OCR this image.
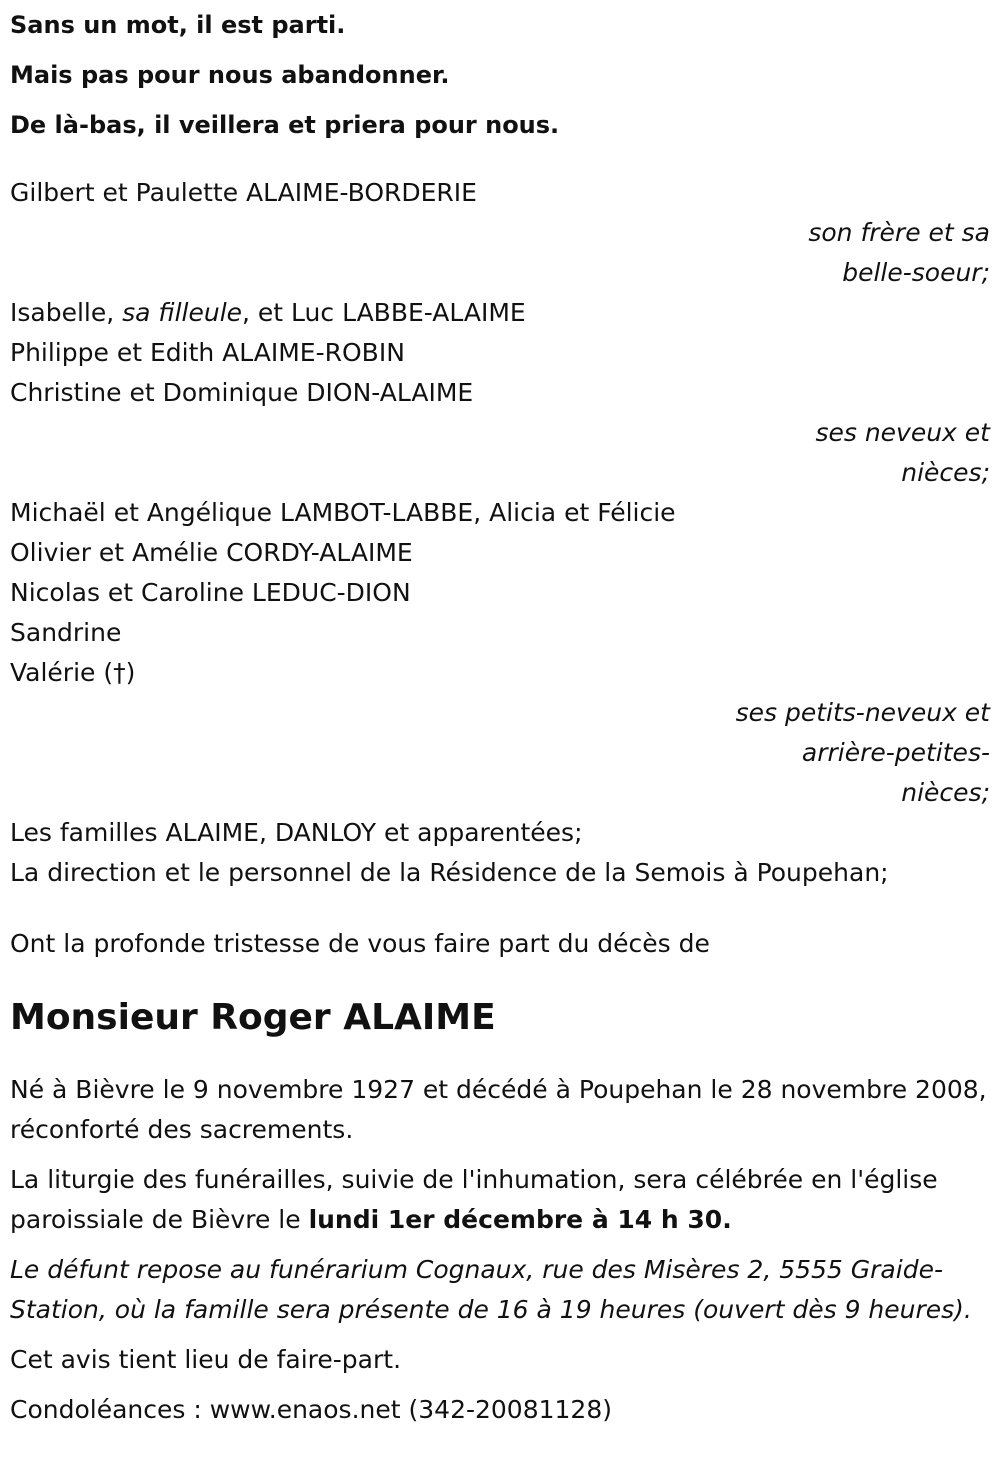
Sans un mot, il est parti.
Mais pas pour nous abandonner.
De là-bas, il veillera et priera pour nous.
Gilbert et Paulette ALAIME-BORDERIE
son frère et sa
belle-soeur;
Isabelle, sa filleule, et Luc LABBE-ALAIME
Philippe et Edith ALAIME-ROBIN
Christine et Dominique DION-ALAIME
ses neveux et
nièces;
Michaël et Angélique LAMBOT-LABBE, Alicia et Félicie
Olivier et Amélie CORDY-ALAIME
Nicolas et Caroline LEDUC-DION
Sandrine
Valérie (†)
ses petits-neveux et
arrière-petites-
nièces;
Les familles ALAIME, DANLOY et apparentées;
La direction et le personnel de la Résidence de la Semois à Poupehan;
Ont la profonde tristesse de vous faire part du décès de
Monsieur Roger ALAIME
Né à Bièvre le 9 novembre 1927 et décédé à Poupehan le 28 novembre 2008, réconforté des sacrements.
La liturgie des funérailles, suivie de l'inhumation, sera célébrée en l'église paroissiale de Bièvre le lundi 1er décembre à 14 h 30.
Le défunt repose au funérarium Cognaux, rue des Misères 2, 5555 Graide-Station, où la famille sera présente de 16 à 19 heures (ouvert dès 9 heures).
Cet avis tient lieu de faire-part.
Condoléances : www.enaos.net (342-20081128)
